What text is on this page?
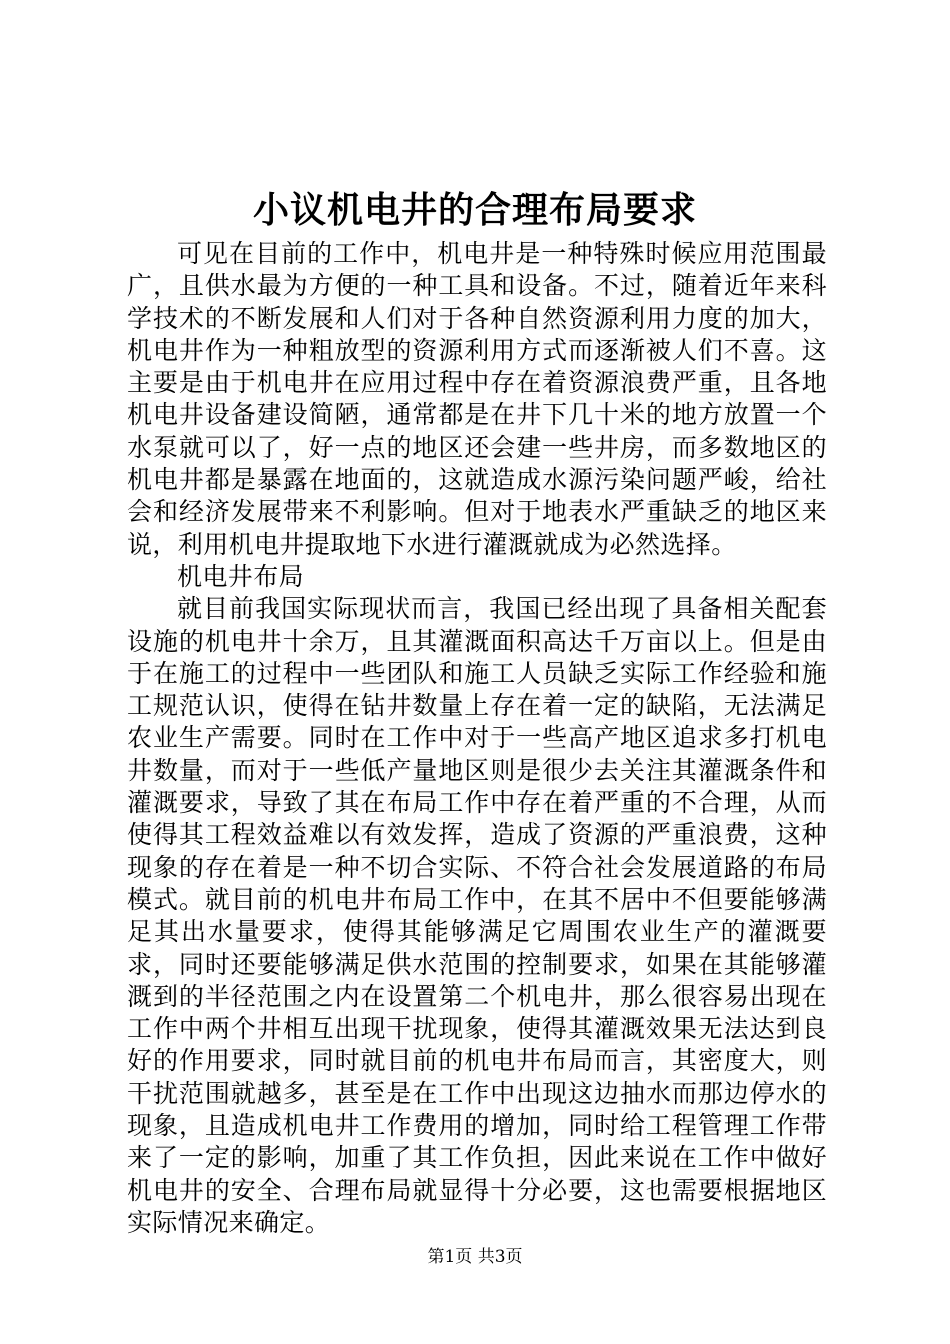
小议机电井的合理布局要求

可见在目前的工作中，机电井是一种特殊时候应用范围最广，且供水最为方便的一种工具和设备。不过，随着近年来科学技术的不断发展和人们对于各种自然资源利用力度的加大，机电井作为一种粗放型的资源利用方式而逐渐被人们不喜。这主要是由于机电井在应用过程中存在着资源浪费严重，且各地机电井设备建设简陋，通常都是在井下几十米的地方放置一个水泵就可以了，好一点的地区还会建一些井房，而多数地区的机电井都是暴露在地面的，这就造成水源污染问题严峻，给社会和经济发展带来不利影响。但对于地表水严重缺乏的地区来说，利用机电井提取地下水进行灌溉就成为必然选择。

机电井布局

就目前我国实际现状而言，我国已经出现了具备相关配套设施的机电井十余万，且其灌溉面积高达千万亩以上。但是由于在施工的过程中一些团队和施工人员缺乏实际工作经验和施工规范认识，使得在钻井数量上存在着一定的缺陷，无法满足农业生产需要。同时在工作中对于一些高产地区追求多打机电井数量，而对于一些低产量地区则是很少去关注其灌溉条件和灌溉要求，导致了其在布局工作中存在着严重的不合理，从而使得其工程效益难以有效发挥，造成了资源的严重浪费，这种现象的存在着是一种不切合实际、不符合社会发展道路的布局模式。就目前的机电井布局工作中，在其不居中不但要能够满足其出水量要求，使得其能够满足它周围农业生产的灌溉要求，同时还要能够满足供水范围的控制要求，如果在其能够灌溉到的半径范围之内在设置第二个机电井，那么很容易出现在工作中两个井相互出现干扰现象，使得其灌溉效果无法达到良好的作用要求，同时就目前的机电井布局而言，其密度大，则干扰范围就越多，甚至是在工作中出现这边抽水而那边停水的现象，且造成机电井工作费用的增加，同时给工程管理工作带来了一定的影响，加重了其工作负担，因此来说在工作中做好机电井的安全、合理布局就显得十分必要，这也需要根据地区实际情况来确定。

第1页 共3页
